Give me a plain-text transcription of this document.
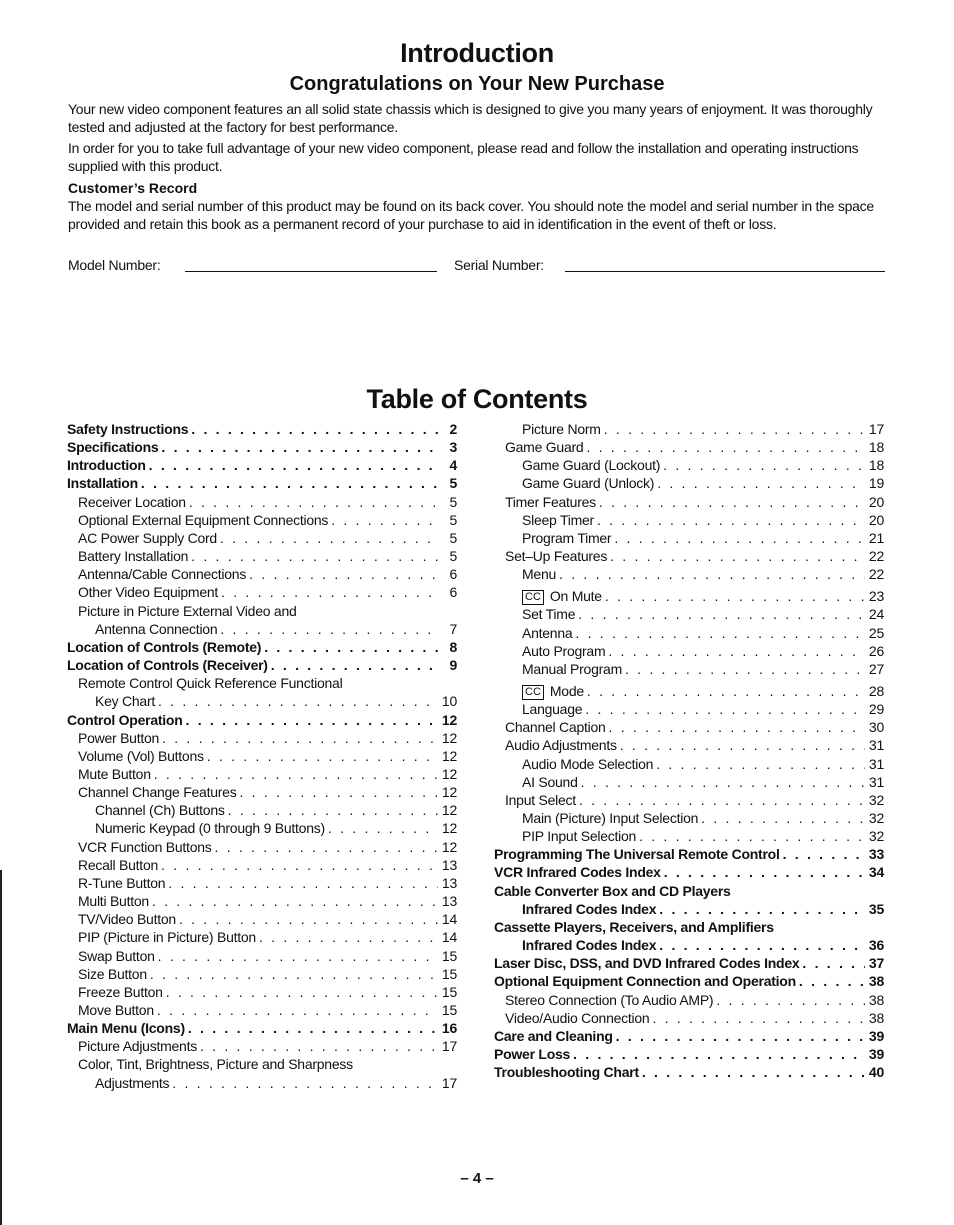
Introduction
Congratulations on Your New Purchase

Your new video component features an all solid state chassis which is designed to give you many years of enjoyment. It was thoroughly tested and adjusted at the factory for best performance.

In order for you to take full advantage of your new video component, please read and follow the installation and operating instructions supplied with this product.

Customer’s Record

The model and serial number of this product may be found on its back cover. You should note the model and serial number in the space provided and retain this book as a permanent record of your purchase to aid in identification in the event of theft or loss.

Model Number:	Serial Number:
Table of Contents
Safety Instructions . . .	2
Specifications . . .	3
Introduction . . .	4
Installation . . .	5
Receiver Location . . .	5
Optional External Equipment Connections . . .	5
AC Power Supply Cord . . .	5
Battery Installation . . .	5
Antenna/Cable Connections . . .	6
Other Video Equipment . . .	6
Picture in Picture External Video and
Antenna Connection . . .	7
Location of Controls (Remote) . . .	8
Location of Controls (Receiver) . . .	9
Remote Control Quick Reference Functional
Key Chart . . .	10
Control Operation . . .	12
Power Button . . .	12
Volume (Vol) Buttons . . .	12
Mute Button . . .	12
Channel Change Features . . .	12
Channel (Ch) Buttons . . .	12
Numeric Keypad (0 through 9 Buttons) . . .	12
VCR Function Buttons . . .	12
Recall Button . . .	13
R-Tune Button . . .	13
Multi Button . . .	13
TV/Video Button . . .	14
PIP (Picture in Picture) Button . . .	14
Swap Button . . .	15
Size Button . . .	15
Freeze Button . . .	15
Move Button . . .	15
Main Menu (Icons) . . .	16
Picture Adjustments . . .	17
Color, Tint, Brightness, Picture and Sharpness
Adjustments . . .	17
Picture Norm . . .	17
Game Guard . . .	18
Game Guard (Lockout) . . .	18
Game Guard (Unlock) . . .	19
Timer Features . . .	20
Sleep Timer . . .	20
Program Timer . . .	21
Set–Up Features . . .	22
Menu . . .	22
CC On Mute . . .	23
Set Time . . .	24
Antenna . . .	25
Auto Program . . .	26
Manual Program . . .	27
CC Mode . . .	28
Language . . .	29
Channel Caption . . .	30
Audio Adjustments . . .	31
Audio Mode Selection . . .	31
AI Sound . . .	31
Input Select . . .	32
Main (Picture) Input Selection . . .	32
PIP Input Selection . . .	32
Programming The Universal Remote Control . . .	33
VCR Infrared Codes Index . . .	34
Cable Converter Box and CD Players
Infrared Codes Index . . .	35
Cassette Players, Receivers, and Amplifiers
Infrared Codes Index . . .	36
Laser Disc, DSS, and DVD Infrared Codes Index . . .	37
Optional Equipment Connection and Operation . . .	38
Stereo Connection (To Audio AMP) . . .	38
Video/Audio Connection . . .	38
Care and Cleaning . . .	39
Power Loss . . .	39
Troubleshooting Chart . . .	40
– 4 –
